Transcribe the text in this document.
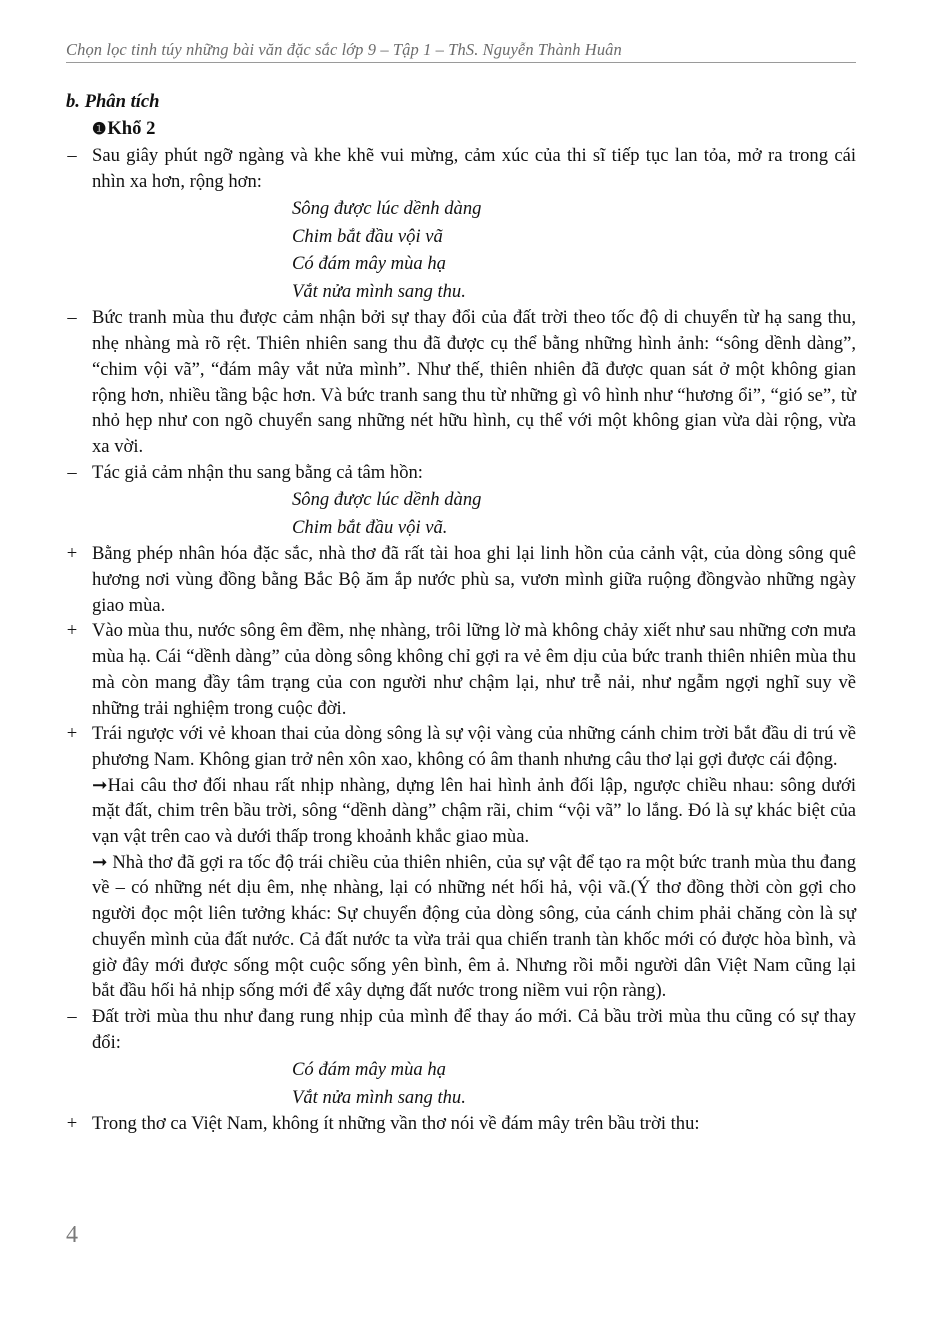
Chọn lọc tinh túy những bài văn đặc sắc lớp 9 – Tập 1 – ThS. Nguyễn Thành Huân
b. Phân tích
❶Khổ 2
– Sau giây phút ngỡ ngàng và khe khẽ vui mừng, cảm xúc của thi sĩ tiếp tục lan tỏa, mở ra trong cái nhìn xa hơn, rộng hơn:
Sông được lúc dềnh dàng
Chim bắt đầu vội vã
Có đám mây mùa hạ
Vắt nửa mình sang thu.
– Bức tranh mùa thu được cảm nhận bởi sự thay đổi của đất trời theo tốc độ di chuyển từ hạ sang thu, nhẹ nhàng mà rõ rệt. Thiên nhiên sang thu đã được cụ thể bằng những hình ảnh: “sông dềnh dàng”, “chim vội vã”, “đám mây vắt nửa mình”. Như thế, thiên nhiên đã được quan sát ở một không gian rộng hơn, nhiều tầng bậc hơn. Và bức tranh sang thu từ những gì vô hình như “hương ổi”, “gió se”, từ nhỏ hẹp như con ngõ chuyển sang những nét hữu hình, cụ thể với một không gian vừa dài rộng, vừa xa vời.
– Tác giả cảm nhận thu sang bằng cả tâm hồn:
Sông được lúc dềnh dàng
Chim bắt đầu vội vã.
+ Bằng phép nhân hóa đặc sắc, nhà thơ đã rất tài hoa ghi lại linh hồn của cảnh vật, của dòng sông quê hương nơi vùng đồng bằng Bắc Bộ ăm ắp nước phù sa, vươn mình giữa ruộng đồngvào những ngày giao mùa.
+ Vào mùa thu, nước sông êm đềm, nhẹ nhàng, trôi lững lờ mà không chảy xiết như sau những cơn mưa mùa hạ. Cái “dềnh dàng” của dòng sông không chỉ gợi ra vẻ êm dịu của bức tranh thiên nhiên mùa thu mà còn mang đầy tâm trạng của con người như chậm lại, như trễ nải, như ngẫm ngợi nghĩ suy về những trải nghiệm trong cuộc đời.
+ Trái ngược với vẻ khoan thai của dòng sông là sự vội vàng của những cánh chim trời bắt đầu di trú về phương Nam. Không gian trở nên xôn xao, không có âm thanh nhưng câu thơ lại gợi được cái động.
➞Hai câu thơ đối nhau rất nhịp nhàng, dựng lên hai hình ảnh đối lập, ngược chiều nhau: sông dưới mặt đất, chim trên bầu trời, sông “dềnh dàng” chậm rãi, chim “vội vã” lo lắng. Đó là sự khác biệt của vạn vật trên cao và dưới thấp trong khoảnh khắc giao mùa.
➞ Nhà thơ đã gợi ra tốc độ trái chiều của thiên nhiên, của sự vật để tạo ra một bức tranh mùa thu đang về – có những nét dịu êm, nhẹ nhàng, lại có những nét hối hả, vội vã.(Ý thơ đồng thời còn gợi cho người đọc một liên tưởng khác: Sự chuyển động của dòng sông, của cánh chim phải chăng còn là sự chuyển mình của đất nước. Cả đất nước ta vừa trải qua chiến tranh tàn khốc mới có được hòa bình, và giờ đây mới được sống một cuộc sống yên bình, êm ả. Nhưng rồi mỗi người dân Việt Nam cũng lại bắt đầu hối hả nhịp sống mới để xây dựng đất nước trong niềm vui rộn ràng).
– Đất trời mùa thu như đang rung nhịp của mình để thay áo mới. Cả bầu trời mùa thu cũng có sự thay đổi:
Có đám mây mùa hạ
Vắt nửa mình sang thu.
+ Trong thơ ca Việt Nam, không ít những vần thơ nói về đám mây trên bầu trời thu:
4
